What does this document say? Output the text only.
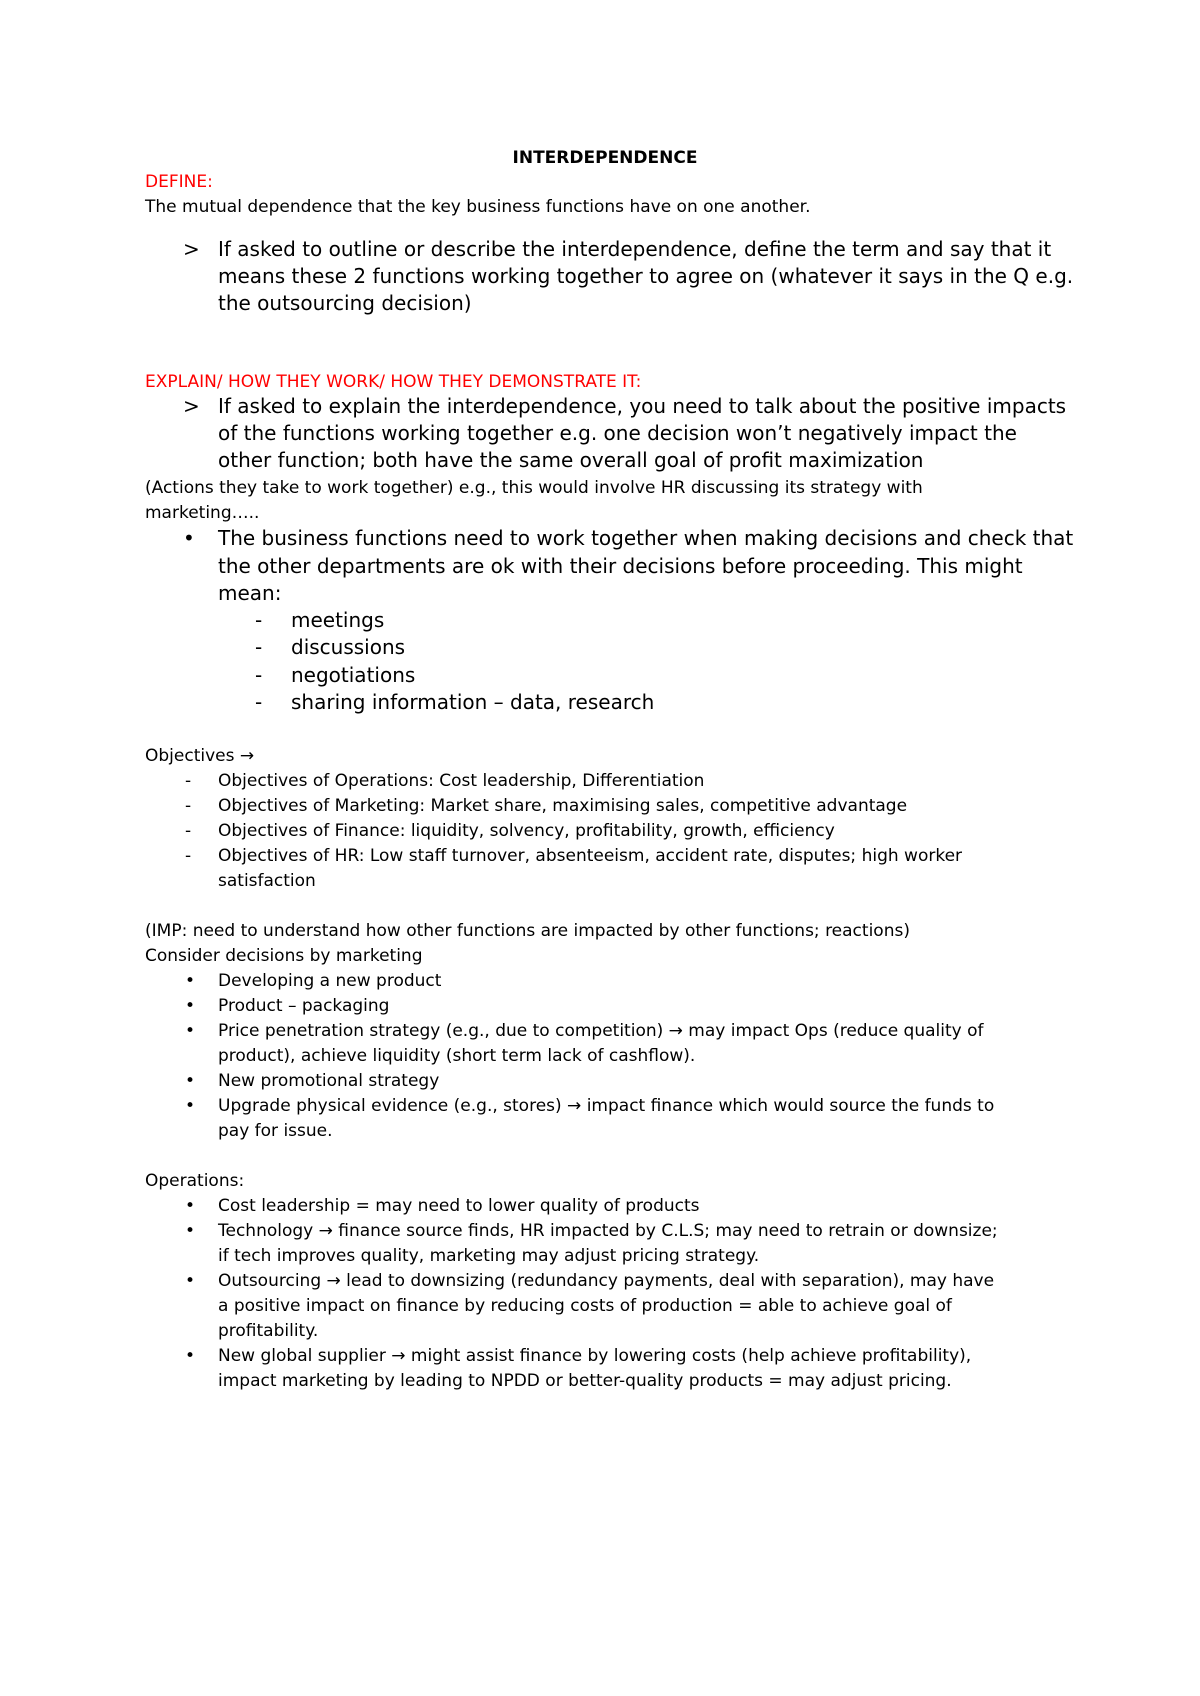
INTERDEPENDENCE
DEFINE:
The mutual dependence that the key business functions have on one another.
> If asked to outline or describe the interdependence, define the term and say that it
means these 2 functions working together to agree on (whatever it says in the Q e.g.
the outsourcing decision)
EXPLAIN/ HOW THEY WORK/ HOW THEY DEMONSTRATE IT:
> If asked to explain the interdependence, you need to talk about the positive impacts
of the functions working together e.g. one decision won’t negatively impact the
other function; both have the same overall goal of profit maximization
(Actions they take to work together) e.g., this would involve HR discussing its strategy with
marketing…..
• The business functions need to work together when making decisions and check that
the other departments are ok with their decisions before proceeding. This might
mean:
- meetings
- discussions
- negotiations
- sharing information – data, research
Objectives →
- Objectives of Operations: Cost leadership, Differentiation
- Objectives of Marketing: Market share, maximising sales, competitive advantage
- Objectives of Finance: liquidity, solvency, profitability, growth, efficiency
- Objectives of HR: Low staff turnover, absenteeism, accident rate, disputes; high worker
satisfaction
(IMP: need to understand how other functions are impacted by other functions; reactions)
Consider decisions by marketing
• Developing a new product
• Product – packaging
• Price penetration strategy (e.g., due to competition) → may impact Ops (reduce quality of
product), achieve liquidity (short term lack of cashflow).
• New promotional strategy
• Upgrade physical evidence (e.g., stores) → impact finance which would source the funds to
pay for issue.
Operations:
• Cost leadership = may need to lower quality of products
• Technology → finance source finds, HR impacted by C.L.S; may need to retrain or downsize;
if tech improves quality, marketing may adjust pricing strategy.
• Outsourcing → lead to downsizing (redundancy payments, deal with separation), may have
a positive impact on finance by reducing costs of production = able to achieve goal of
profitability.
• New global supplier → might assist finance by lowering costs (help achieve profitability),
impact marketing by leading to NPDD or better-quality products = may adjust pricing.
